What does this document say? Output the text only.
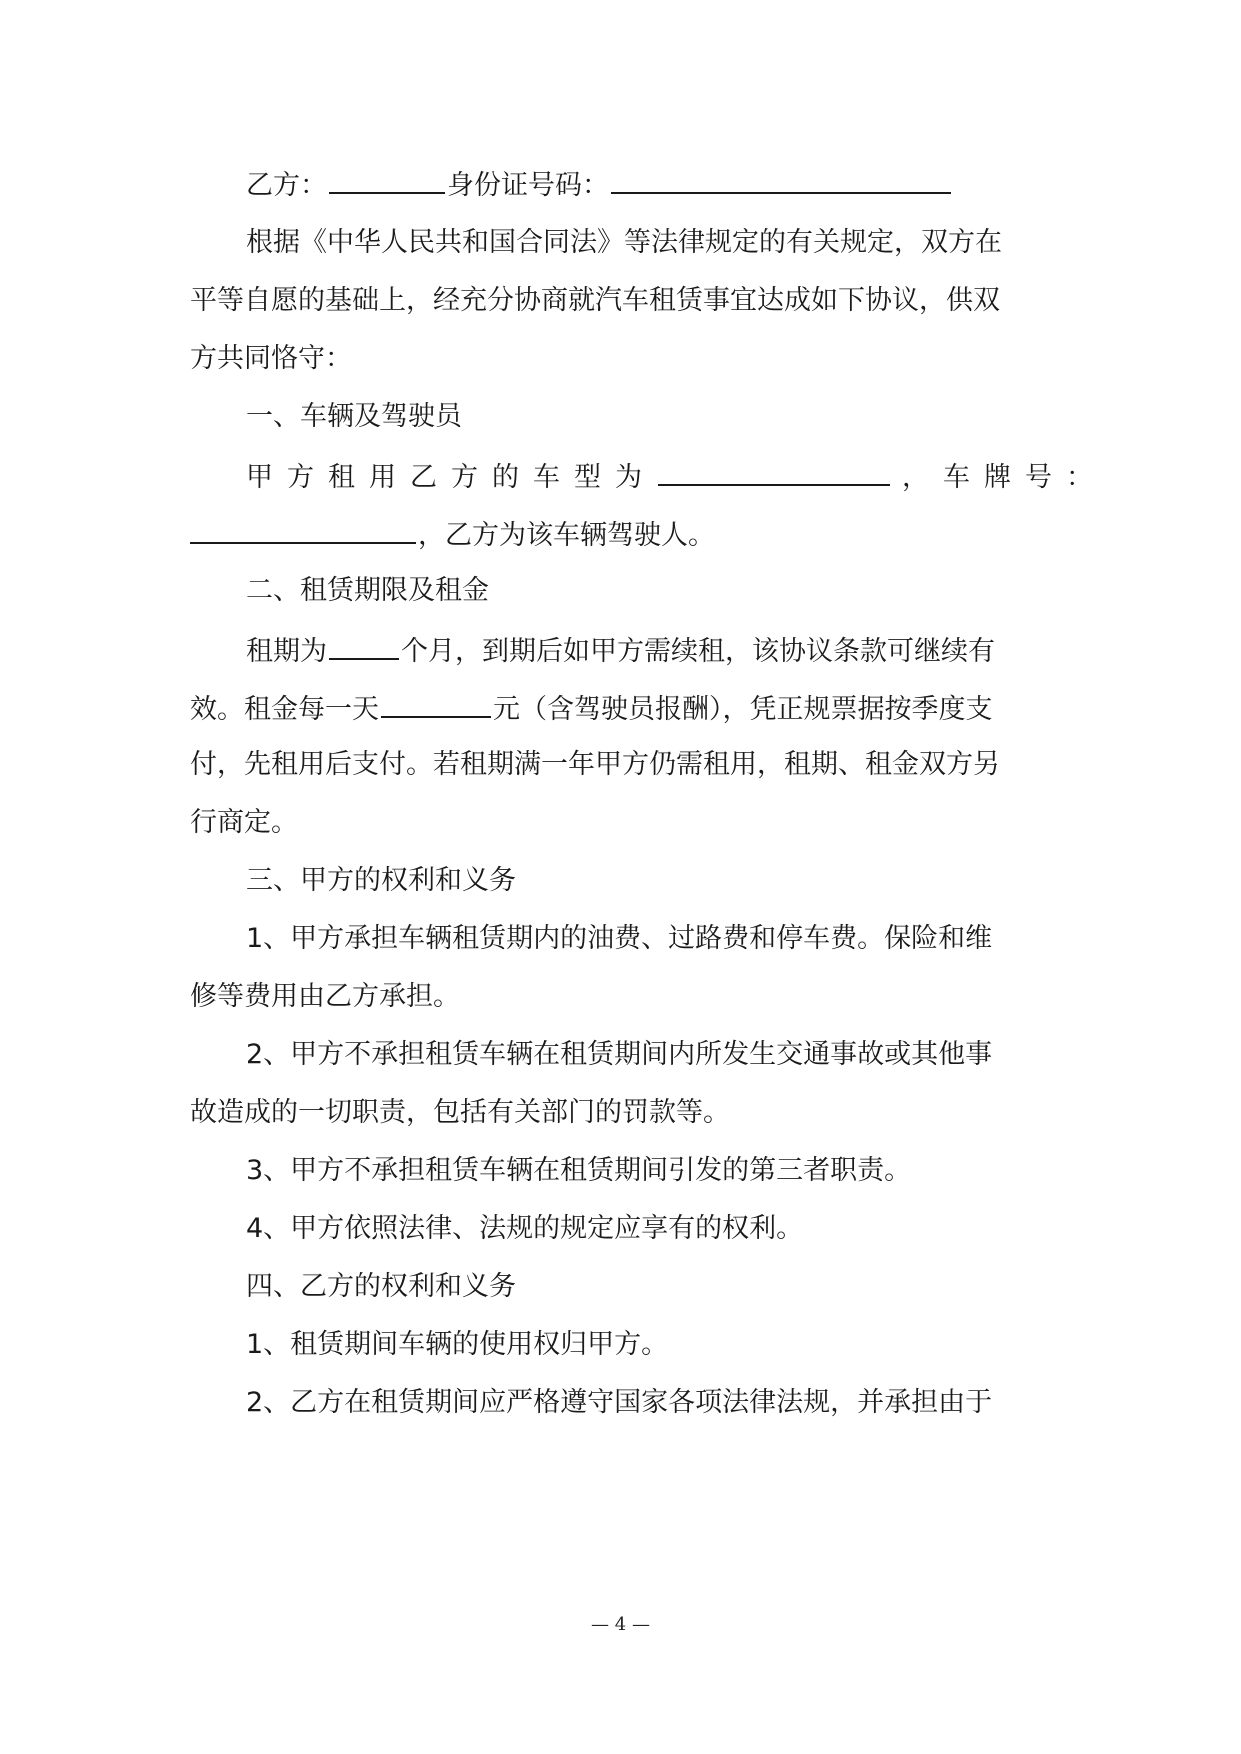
乙方：	身份证号码：
根据《中华人民共和国合同法》等法律规定的有关规定，双方在
平等自愿的基础上，经充分协商就汽车租赁事宜达成如下协议，供双
方共同恪守：
一、车辆及驾驶员
甲方租用乙方的车型为	，车牌号：
，乙方为该车辆驾驶人。
二、租赁期限及租金
租期为	个月，到期后如甲方需续租，该协议条款可继续有
效。租金每一天	元（含驾驶员报酬），凭正规票据按季度支
付，先租用后支付。若租期满一年甲方仍需租用，租期、租金双方另
行商定。
三、甲方的权利和义务
1、甲方承担车辆租赁期内的油费、过路费和停车费。保险和维
修等费用由乙方承担。
2、甲方不承担租赁车辆在租赁期间内所发生交通事故或其他事
故造成的一切职责，包括有关部门的罚款等。
3、甲方不承担租赁车辆在租赁期间引发的第三者职责。
4、甲方依照法律、法规的规定应享有的权利。
四、乙方的权利和义务
1、租赁期间车辆的使用权归甲方。
2、乙方在租赁期间应严格遵守国家各项法律法规，并承担由于
— 4 —
